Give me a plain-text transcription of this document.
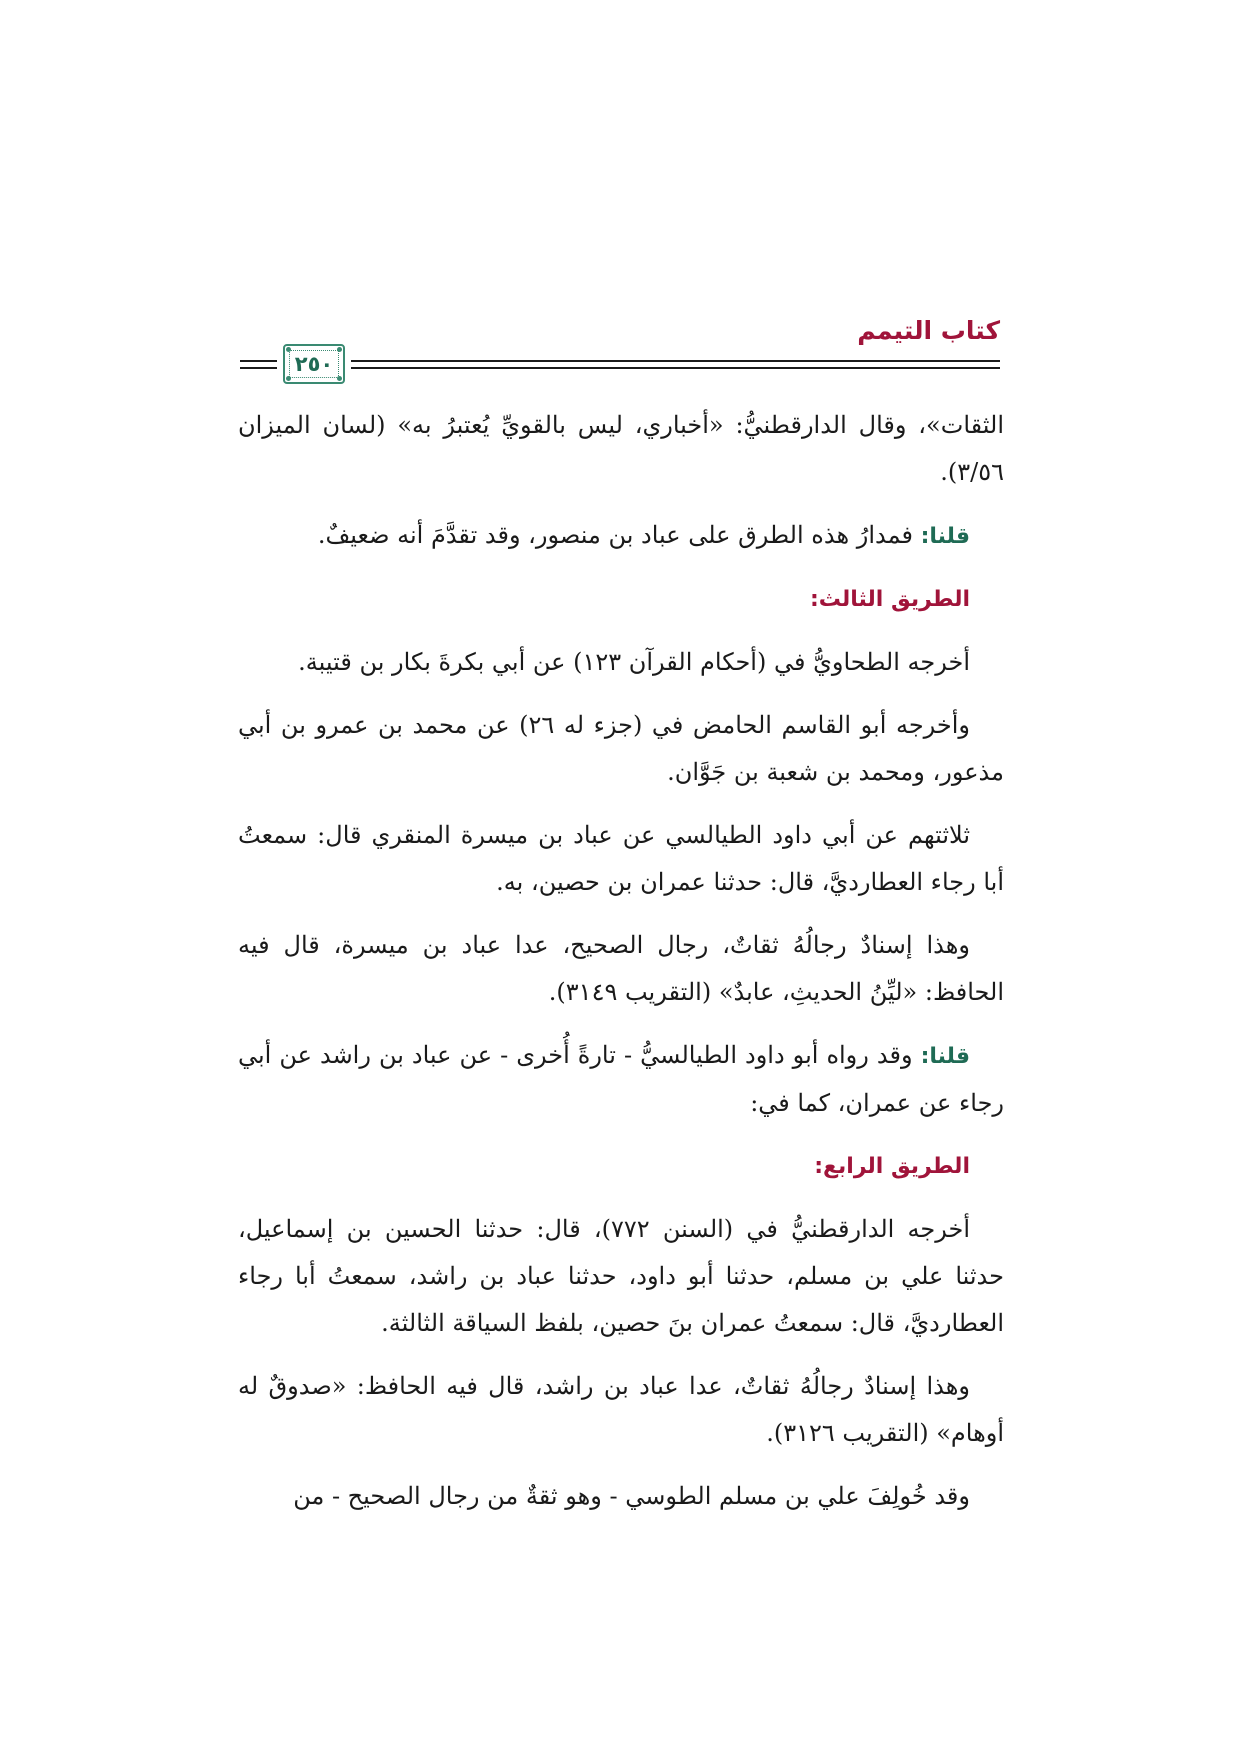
كتاب التيمم
٢٥٠

الثقات»، وقال الدارقطنيُّ: «أخباري، ليس بالقويِّ يُعتبرُ به» (لسان الميزان ٣/٥٦).

قلنا: فمدارُ هذه الطرق على عباد بن منصور، وقد تقدَّمَ أنه ضعيفٌ.

الطريق الثالث:

أخرجه الطحاويُّ في (أحكام القرآن ١٢٣) عن أبي بكرةَ بكار بن قتيبة.

وأخرجه أبو القاسم الحامض في (جزء له ٢٦) عن محمد بن عمرو بن أبي مذعور، ومحمد بن شعبة بن جَوَّان.

ثلاثتهم عن أبي داود الطيالسي عن عباد بن ميسرة المنقري قال: سمعتُ أبا رجاء العطارديَّ، قال: حدثنا عمران بن حصين، به.

وهذا إسنادٌ رجالُهُ ثقاتٌ، رجال الصحيح، عدا عباد بن ميسرة، قال فيه الحافظ: «ليِّنُ الحديثِ، عابدٌ» (التقريب ٣١٤٩).

قلنا: وقد رواه أبو داود الطيالسيُّ - تارةً أُخرى - عن عباد بن راشد عن أبي رجاء عن عمران، كما في:

الطريق الرابع:

أخرجه الدارقطنيُّ في (السنن ٧٧٢)، قال: حدثنا الحسين بن إسماعيل، حدثنا علي بن مسلم، حدثنا أبو داود، حدثنا عباد بن راشد، سمعتُ أبا رجاء العطارديَّ، قال: سمعتُ عمران بنَ حصين، بلفظ السياقة الثالثة.

وهذا إسنادٌ رجالُهُ ثقاتٌ، عدا عباد بن راشد، قال فيه الحافظ: «صدوقٌ له أوهام» (التقريب ٣١٢٦).

وقد خُولِفَ علي بن مسلم الطوسي - وهو ثقةٌ من رجال الصحيح - من
